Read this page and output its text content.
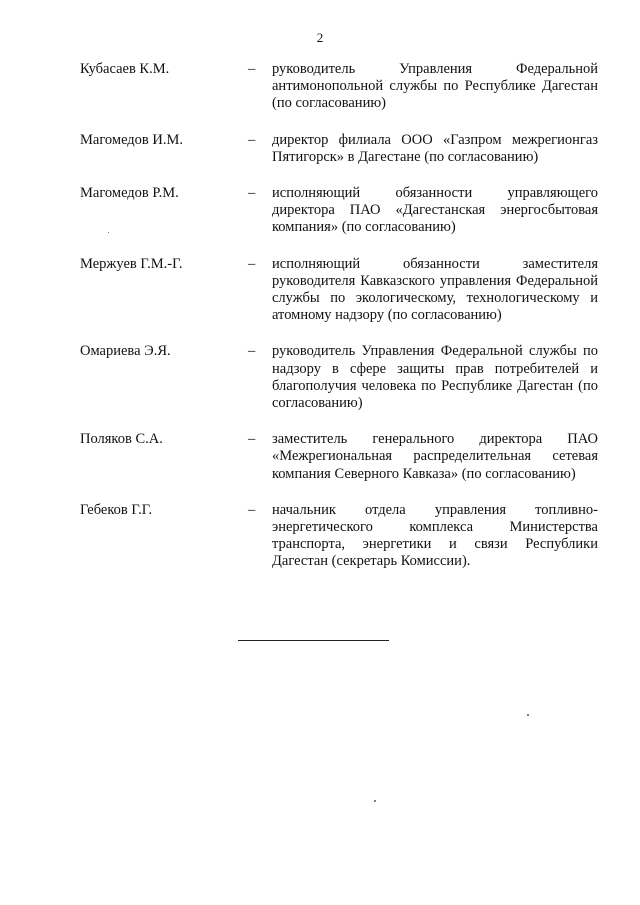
2
Кубасаев К.М.	– руководитель Управления Федеральной антимонопольной службы по Республике Дагестан (по согласованию)
Магомедов И.М.	– директор филиала ООО «Газпром межрегионгаз Пятигорск» в Дагестане (по согласованию)
Магомедов Р.М.	– исполняющий обязанности управляющего директора ПАО «Дагестанская энергосбытовая компания» (по согласованию)
Мержуев Г.М.-Г.	– исполняющий обязанности заместителя руководителя Кавказского управления Федеральной службы по экологическому, технологическому и атомному надзору (по согласованию)
Омариева Э.Я.	– руководитель Управления Федеральной службы по надзору в сфере защиты прав потребителей и благополучия человека по Республике Дагестан (по согласованию)
Поляков С.А.	– заместитель генерального директора ПАО «Межрегиональная распределительная сетевая компания Северного Кавказа» (по согласованию)
Гебеков Г.Г.	– начальник отдела управления топливно-энергетического комплекса Министерства транспорта, энергетики и связи Республики Дагестан (секретарь Комиссии).
